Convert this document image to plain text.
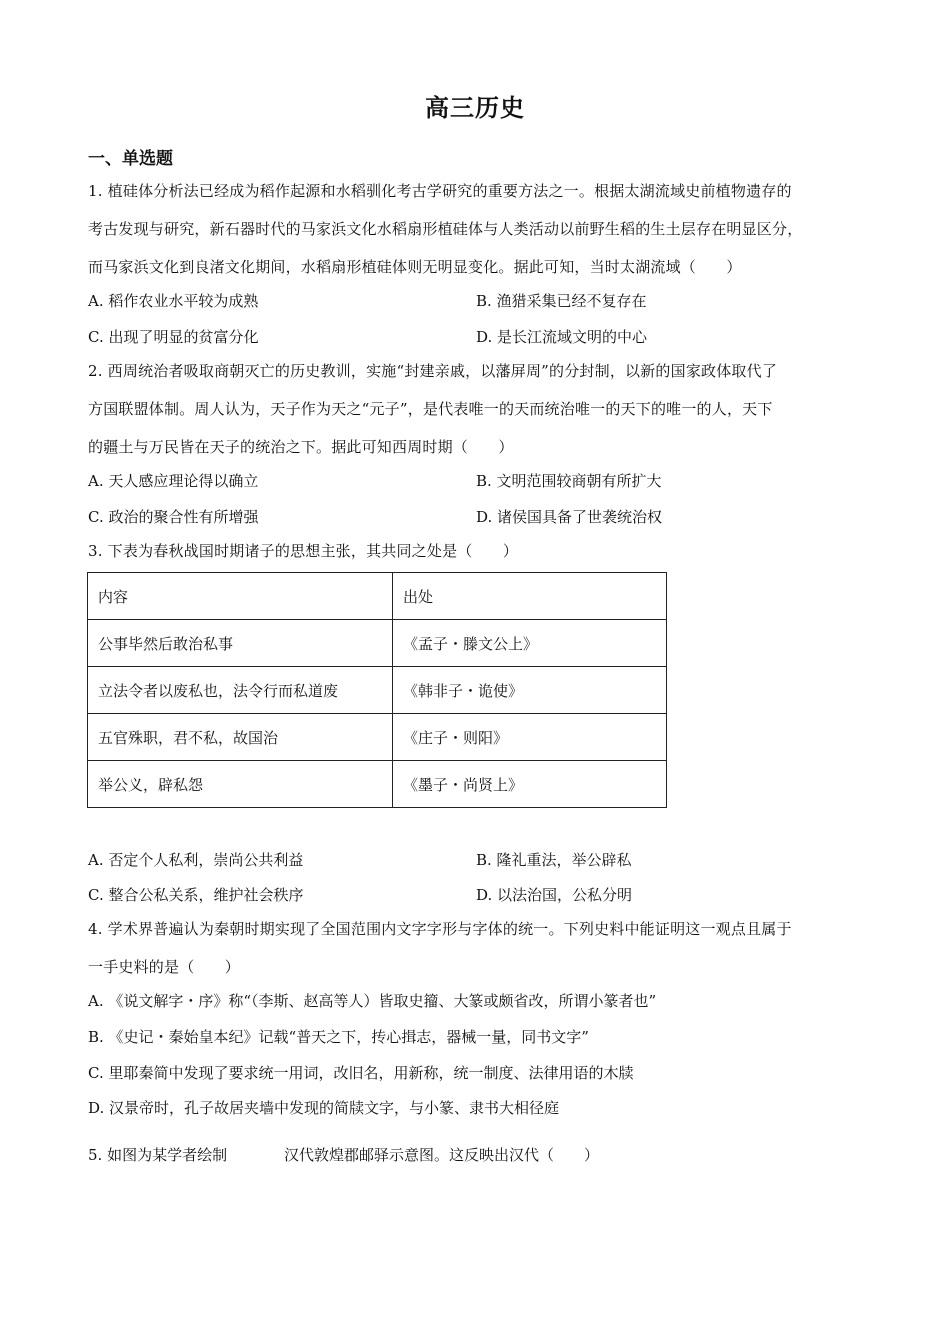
高三历史
一、单选题
1. 植硅体分析法已经成为稻作起源和水稻驯化考古学研究的重要方法之一。根据太湖流域史前植物遗存的
考古发现与研究，新石器时代的马家浜文化水稻扇形植硅体与人类活动以前野生稻的生土层存在明显区分，
而马家浜文化到良渚文化期间，水稻扇形植硅体则无明显变化。据此可知，当时太湖流域（　　）
A. 稻作农业水平较为成熟	B. 渔猎采集已经不复存在
C. 出现了明显的贫富分化	D. 是长江流域文明的中心
2. 西周统治者吸取商朝灭亡的历史教训，实施“封建亲戚，以藩屏周”的分封制，以新的国家政体取代了
方国联盟体制。周人认为，天子作为天之“元子”，是代表唯一的天而统治唯一的天下的唯一的人，天下
的疆土与万民皆在天子的统治之下。据此可知西周时期（　　）
A. 天人感应理论得以确立	B. 文明范围较商朝有所扩大
C. 政治的聚合性有所增强	D. 诸侯国具备了世袭统治权
3. 下表为春秋战国时期诸子的思想主张，其共同之处是（　　）
内容	出处
公事毕然后敢治私事	《孟子・滕文公上》
立法令者以废私也，法令行而私道废	《韩非子・诡使》
五官殊职，君不私，故国治	《庄子・则阳》
举公义，辟私怨	《墨子・尚贤上》
A. 否定个人私利，崇尚公共利益	B. 隆礼重法，举公辟私
C. 整合公私关系，维护社会秩序	D. 以法治国，公私分明
4. 学术界普遍认为秦朝时期实现了全国范围内文字字形与字体的统一。下列史料中能证明这一观点且属于
一手史料的是（　　）
A. 《说文解字・序》称“（李斯、赵高等人）皆取史籀、大篆或颇省改，所谓小篆者也”
B. 《史记・秦始皇本纪》记载“普天之下，抟心揖志，器械一量，同书文字”
C. 里耶秦简中发现了要求统一用词，改旧名，用新称，统一制度、法律用语的木牍
D. 汉景帝时，孔子故居夹墙中发现的简牍文字，与小篆、隶书大相径庭
5. 如图为某学者绘制	汉代敦煌郡邮驿示意图。这反映出汉代（　　）
